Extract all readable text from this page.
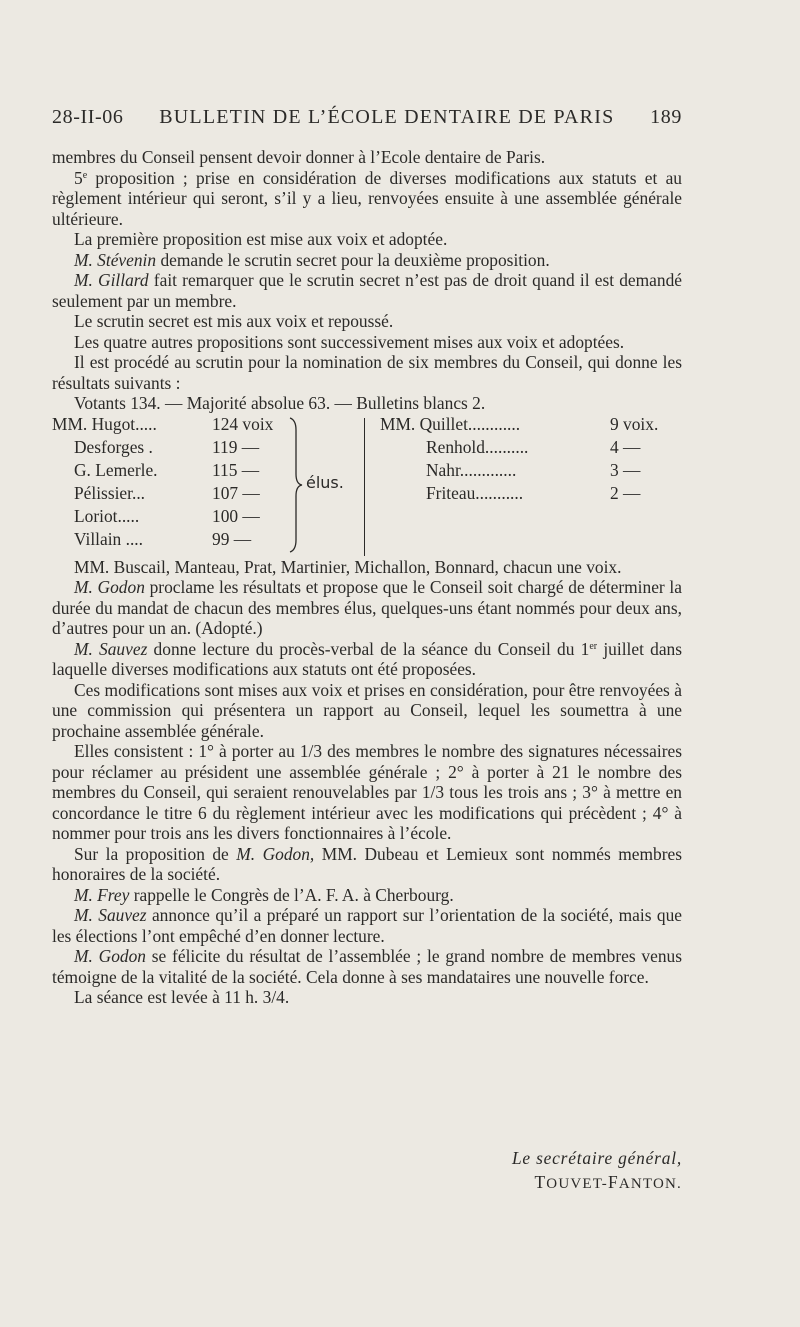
28-II-06 BULLETIN DE L’ÉCOLE DENTAIRE DE PARIS 189

membres du Conseil pensent devoir donner à l’Ecole dentaire de Paris.

5e proposition ; prise en considération de diverses modifications aux statuts et au règlement intérieur qui seront, s’il y a lieu, renvoyées ensuite à une assemblée générale ultérieure.

La première proposition est mise aux voix et adoptée.

M. Stévenin demande le scrutin secret pour la deuxième proposition.

M. Gillard fait remarquer que le scrutin secret n’est pas de droit quand il est demandé seulement par un membre.

Le scrutin secret est mis aux voix et repoussé.

Les quatre autres propositions sont successivement mises aux voix et adoptées.

Il est procédé au scrutin pour la nomination de six membres du Conseil, qui donne les résultats suivants :

Votants 134. — Majorité absolue 63. — Bulletins blancs 2.

MM. Hugot.....	124 voix
Desforges .	119 —
G. Lemerle.	115 —
Pélissier...	107 —
Loriot.....	100 —
Villain ....	99 —
élus.
MM. Quillet............	9 voix.
Renhold..........	4 —
Nahr.............	3 —
Friteau...........	2 —

MM. Buscail, Manteau, Prat, Martinier, Michallon, Bonnard, chacun une voix.

M. Godon proclame les résultats et propose que le Conseil soit chargé de déterminer la durée du mandat de chacun des membres élus, quelques-uns étant nommés pour deux ans, d’autres pour un an. (Adopté.)

M. Sauvez donne lecture du procès-verbal de la séance du Conseil du 1er juillet dans laquelle diverses modifications aux statuts ont été proposées.

Ces modifications sont mises aux voix et prises en considération, pour être renvoyées à une commission qui présentera un rapport au Conseil, lequel les soumettra à une prochaine assemblée générale.

Elles consistent : 1° à porter au 1/3 des membres le nombre des signatures nécessaires pour réclamer au président une assemblée générale ; 2° à porter à 21 le nombre des membres du Conseil, qui seraient renouvelables par 1/3 tous les trois ans ; 3° à mettre en concordance le titre 6 du règlement intérieur avec les modifications qui précèdent ; 4° à nommer pour trois ans les divers fonctionnaires à l’école.

Sur la proposition de M. Godon, MM. Dubeau et Lemieux sont nommés membres honoraires de la société.

M. Frey rappelle le Congrès de l’A. F. A. à Cherbourg.

M. Sauvez annonce qu’il a préparé un rapport sur l’orientation de la société, mais que les élections l’ont empêché d’en donner lecture.

M. Godon se félicite du résultat de l’assemblée ; le grand nombre de membres venus témoigne de la vitalité de la société. Cela donne à ses mandataires une nouvelle force.

La séance est levée à 11 h. 3/4.

Le secrétaire général,
TOUVET-FANTON.
